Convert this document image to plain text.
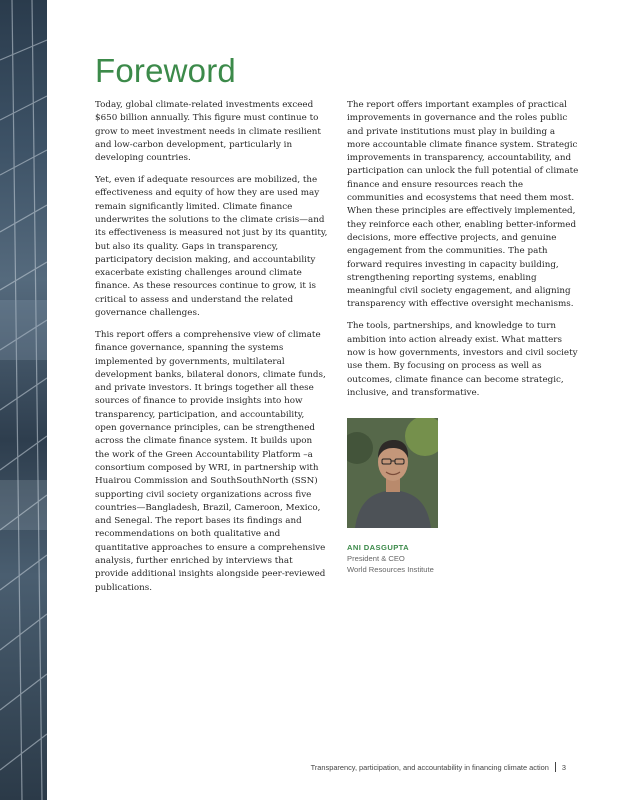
Foreword

Today, global climate-related investments exceed $650 billion annually. This figure must continue to grow to meet investment needs in climate resilient and low-carbon development, particularly in developing countries.

Yet, even if adequate resources are mobilized, the effectiveness and equity of how they are used may remain significantly limited. Climate finance underwrites the solutions to the climate crisis—and its effectiveness is measured not just by its quantity, but also its quality. Gaps in transparency, participatory decision making, and accountability exacerbate existing challenges around climate finance. As these resources continue to grow, it is critical to assess and understand the related governance challenges.

This report offers a comprehensive view of climate finance governance, spanning the systems implemented by governments, multilateral development banks, bilateral donors, climate funds, and private investors. It brings together all these sources of finance to provide insights into how transparency, participation, and accountability, open governance principles, can be strengthened across the climate finance system. It builds upon the work of the Green Accountability Platform –a consortium composed by WRI, in partnership with Huairou Commission and SouthSouthNorth (SSN) supporting civil society organizations across five countries—Bangladesh, Brazil, Cameroon, Mexico, and Senegal. The report bases its findings and recommendations on both qualitative and quantitative approaches to ensure a comprehensive analysis, further enriched by interviews that provide additional insights alongside peer-reviewed publications.

The report offers important examples of practical improvements in governance and the roles public and private institutions must play in building a more accountable climate finance system. Strategic improvements in transparency, accountability, and participation can unlock the full potential of climate finance and ensure resources reach the communities and ecosystems that need them most. When these principles are effectively implemented, they reinforce each other, enabling better-informed decisions, more effective projects, and genuine engagement from the communities. The path forward requires investing in capacity building, strengthening reporting systems, enabling meaningful civil society engagement, and aligning transparency with effective oversight mechanisms.

The tools, partnerships, and knowledge to turn ambition into action already exist. What matters now is how governments, investors and civil society use them. By focusing on process as well as outcomes, climate finance can become strategic, inclusive, and transformative.

ANI DASGUPTA

President & CEO

World Resources Institute

Transparency, participation, and accountability in financing climate action 3
